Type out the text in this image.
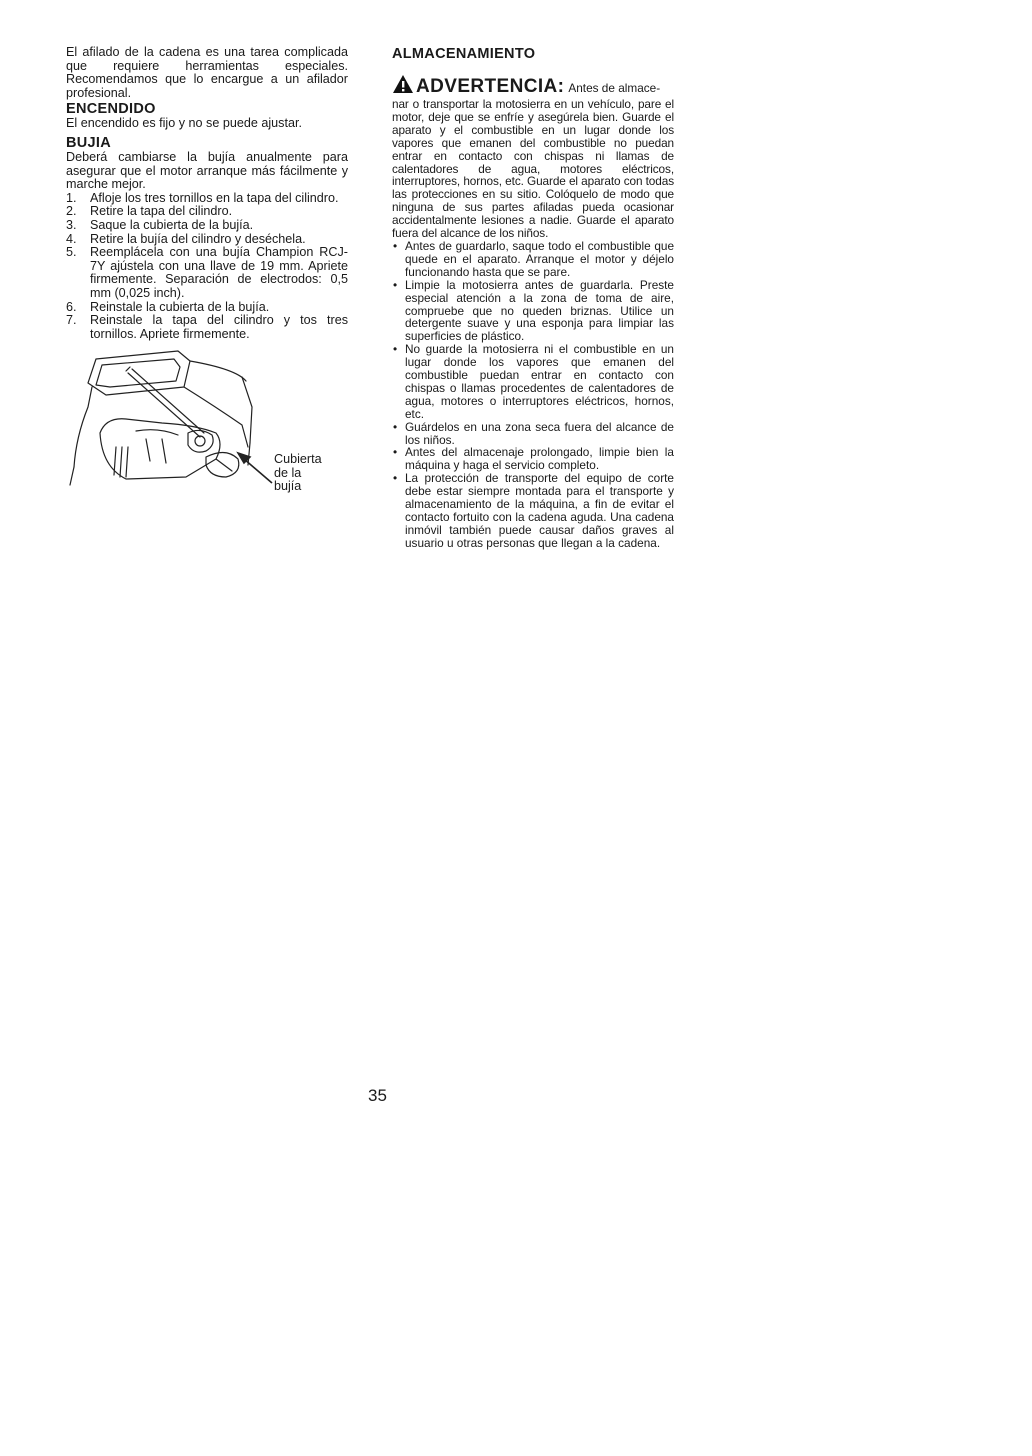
El afilado de la cadena es una tarea complicada que requiere herramientas especiales. Recomendamos que lo encargue a un afilador profesional.

ENCENDIDO

El encendido es fijo y no se puede ajustar.

BUJIA

Deberá cambiarse la bujía anualmente para asegurar que el motor arranque más fácilmente y marche mejor.

1. Afloje los tres tornillos en la tapa del cilindro.
2. Retire la tapa del cilindro.
3. Saque la cubierta de la bujía.
4. Retire la bujía del cilindro y deséchela.
5. Reemplácela con una bujía Champion RCJ-7Y ajústela con una llave de 19 mm. Apriete firmemente. Separación de electrodos: 0,5 mm (0,025 inch).
6. Reinstale la cubierta de la bujía.
7. Reinstale la tapa del cilindro y tos tres tornillos. Apriete firmemente.
Cubierta
de la
bujía
ALMACENAMIENTO
ADVERTENCIA: Antes de almace-

nar o transportar la motosierra en un vehículo, pare el motor, deje que se enfríe y asegúrela bien. Guarde el aparato y el combustible en un lugar donde los vapores que emanen del combustible no puedan entrar en contacto con chispas ni llamas de calentadores de agua, motores eléctricos, interruptores, hornos, etc. Guarde el aparato con todas las protecciones en su sitio. Colóquelo de modo que ninguna de sus partes afiladas pueda ocasionar accidentalmente lesiones a nadie. Guarde el aparato fuera del alcance de los niños.

• Antes de guardarlo, saque todo el combustible que quede en el aparato. Arranque el motor y déjelo funcionando hasta que se pare.
• Limpie la motosierra antes de guardarla. Preste especial atención a la zona de toma de aire, compruebe que no queden briznas. Utilice un detergente suave y una esponja para limpiar las superficies de plástico.
• No guarde la motosierra ni el combustible en un lugar donde los vapores que emanen del combustible puedan entrar en contacto con chispas o llamas procedentes de calentadores de agua, motores o interruptores eléctricos, hornos, etc.
• Guárdelos en una zona seca fuera del alcance de los niños.
• Antes del almacenaje prolongado, limpie bien la máquina y haga el servicio completo.
• La protección de transporte del equipo de corte debe estar siempre montada para el transporte y almacenamiento de la máquina, a fin de evitar el contacto fortuito con la cadena aguda. Una cadena inmóvil también puede causar daños graves al usuario u otras personas que llegan a la cadena.
35
